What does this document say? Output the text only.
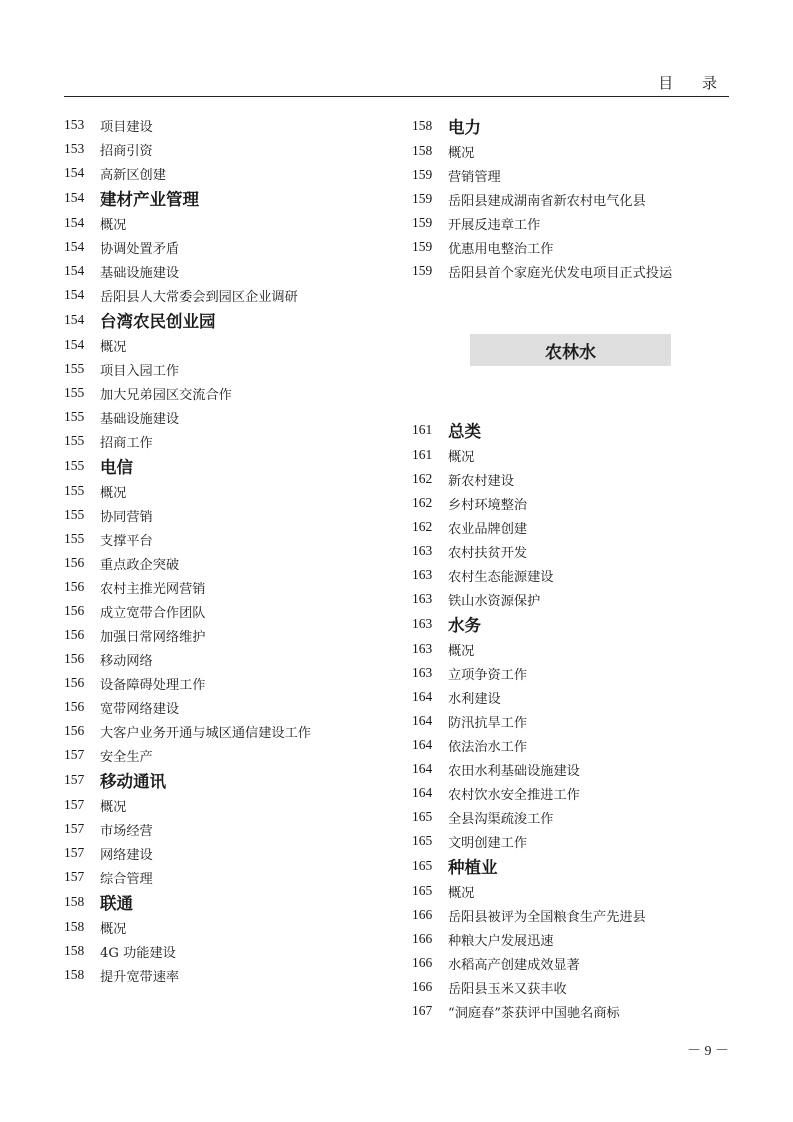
目 录
153	项目建设
153	招商引资
154	高新区创建
154 建材产业管理
154	概况
154	协调处置矛盾
154	基础设施建设
154	岳阳县人大常委会到园区企业调研
154 台湾农民创业园
154	概况
155	项目入园工作
155	加大兄弟园区交流合作
155	基础设施建设
155	招商工作
155 电信
155	概况
155	协同营销
155	支撑平台
156	重点政企突破
156	农村主推光网营销
156	成立宽带合作团队
156	加强日常网络维护
156	移动网络
156	设备障碍处理工作
156	宽带网络建设
156	大客户业务开通与城区通信建设工作
157	安全生产
157 移动通讯
157	概况
157	市场经营
157	网络建设
157	综合管理
158 联通
158	概况
158	4G 功能建设
158	提升宽带速率
158 电力
158	概况
159	营销管理
159	岳阳县建成湖南省新农村电气化县
159	开展反违章工作
159	优惠用电整治工作
159	岳阳县首个家庭光伏发电项目正式投运
农林水
161 总类
161	概况
162	新农村建设
162	乡村环境整治
162	农业品牌创建
163	农村扶贫开发
163	农村生态能源建设
163	铁山水资源保护
163 水务
163	概况
163	立项争资工作
164	水利建设
164	防汛抗旱工作
164	依法治水工作
164	农田水利基础设施建设
164	农村饮水安全推进工作
165	全县沟渠疏浚工作
165	文明创建工作
165 种植业
165	概况
166	岳阳县被评为全国粮食生产先进县
166	种粮大户发展迅速
166	水稻高产创建成效显著
166	岳阳县玉米又获丰收
167	“洞庭春”茶获评中国驰名商标
－ 9 －
